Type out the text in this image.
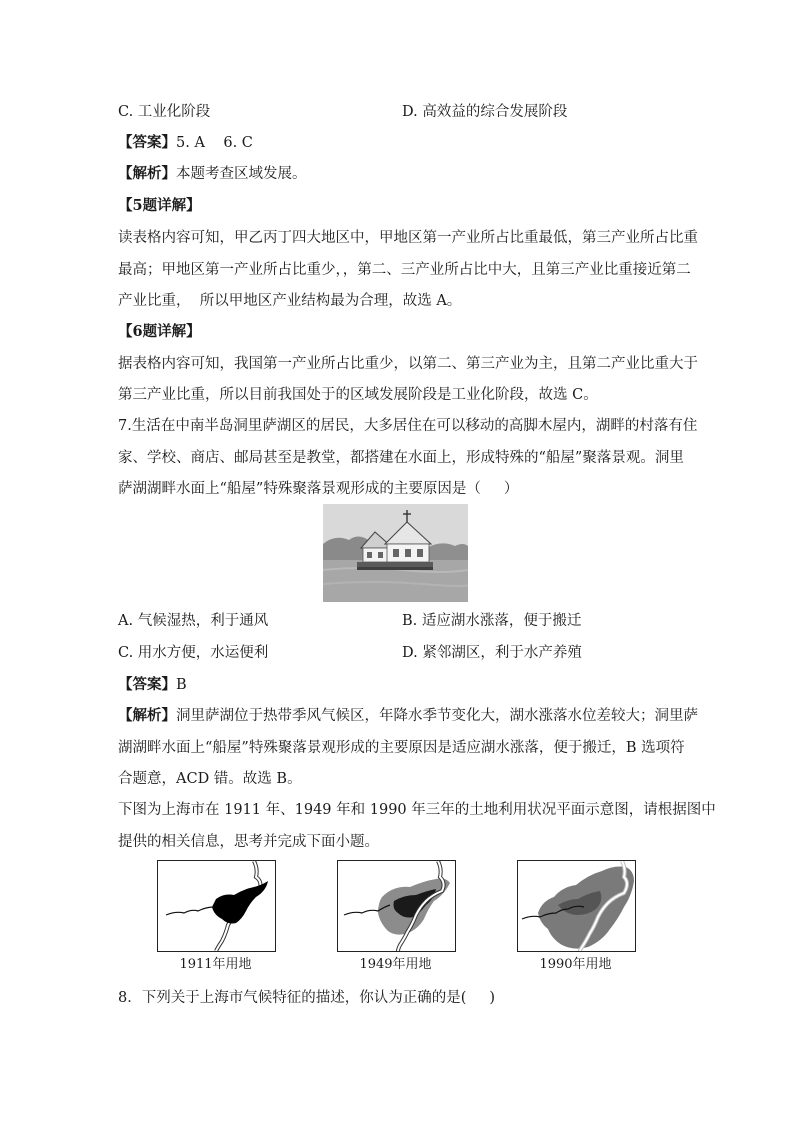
C. 工业化阶段	D. 高效益的综合发展阶段
【答案】5. A    6. C
【解析】本题考查区域发展。
【5题详解】
读表格内容可知，甲乙丙丁四大地区中，甲地区第一产业所占比重最低，第三产业所占比重
最高；甲地区第一产业所占比重少，，第二、三产业所占比中大，且第三产业比重接近第二
产业比重，  所以甲地区产业结构最为合理，故选 A。
【6题详解】
据表格内容可知，我国第一产业所占比重少，以第二、第三产业为主，且第二产业比重大于
第三产业比重，所以目前我国处于的区域发展阶段是工业化阶段，故选 C。
7.生活在中南半岛洞里萨湖区的居民，大多居住在可以移动的高脚木屋内，湖畔的村落有住
家、学校、商店、邮局甚至是教堂，都搭建在水面上，形成特殊的“船屋”聚落景观。洞里
萨湖湖畔水面上“船屋”特殊聚落景观形成的主要原因是（     ）
A. 气候湿热，利于通风	B. 适应湖水涨落，便于搬迁
C. 用水方便，水运便利	D. 紧邻湖区，利于水产养殖
【答案】B
【解析】洞里萨湖位于热带季风气候区，年降水季节变化大，湖水涨落水位差较大；洞里萨
湖湖畔水面上“船屋”特殊聚落景观形成的主要原因是适应湖水涨落，便于搬迁，B 选项符
合题意，ACD 错。故选 B。
下图为上海市在 1911 年、1949 年和 1990 年三年的土地利用状况平面示意图，请根据图中
提供的相关信息，思考并完成下面小题。
1911年用地	1949年用地	1990年用地
8．下列关于上海市气候特征的描述，你认为正确的是(     )
